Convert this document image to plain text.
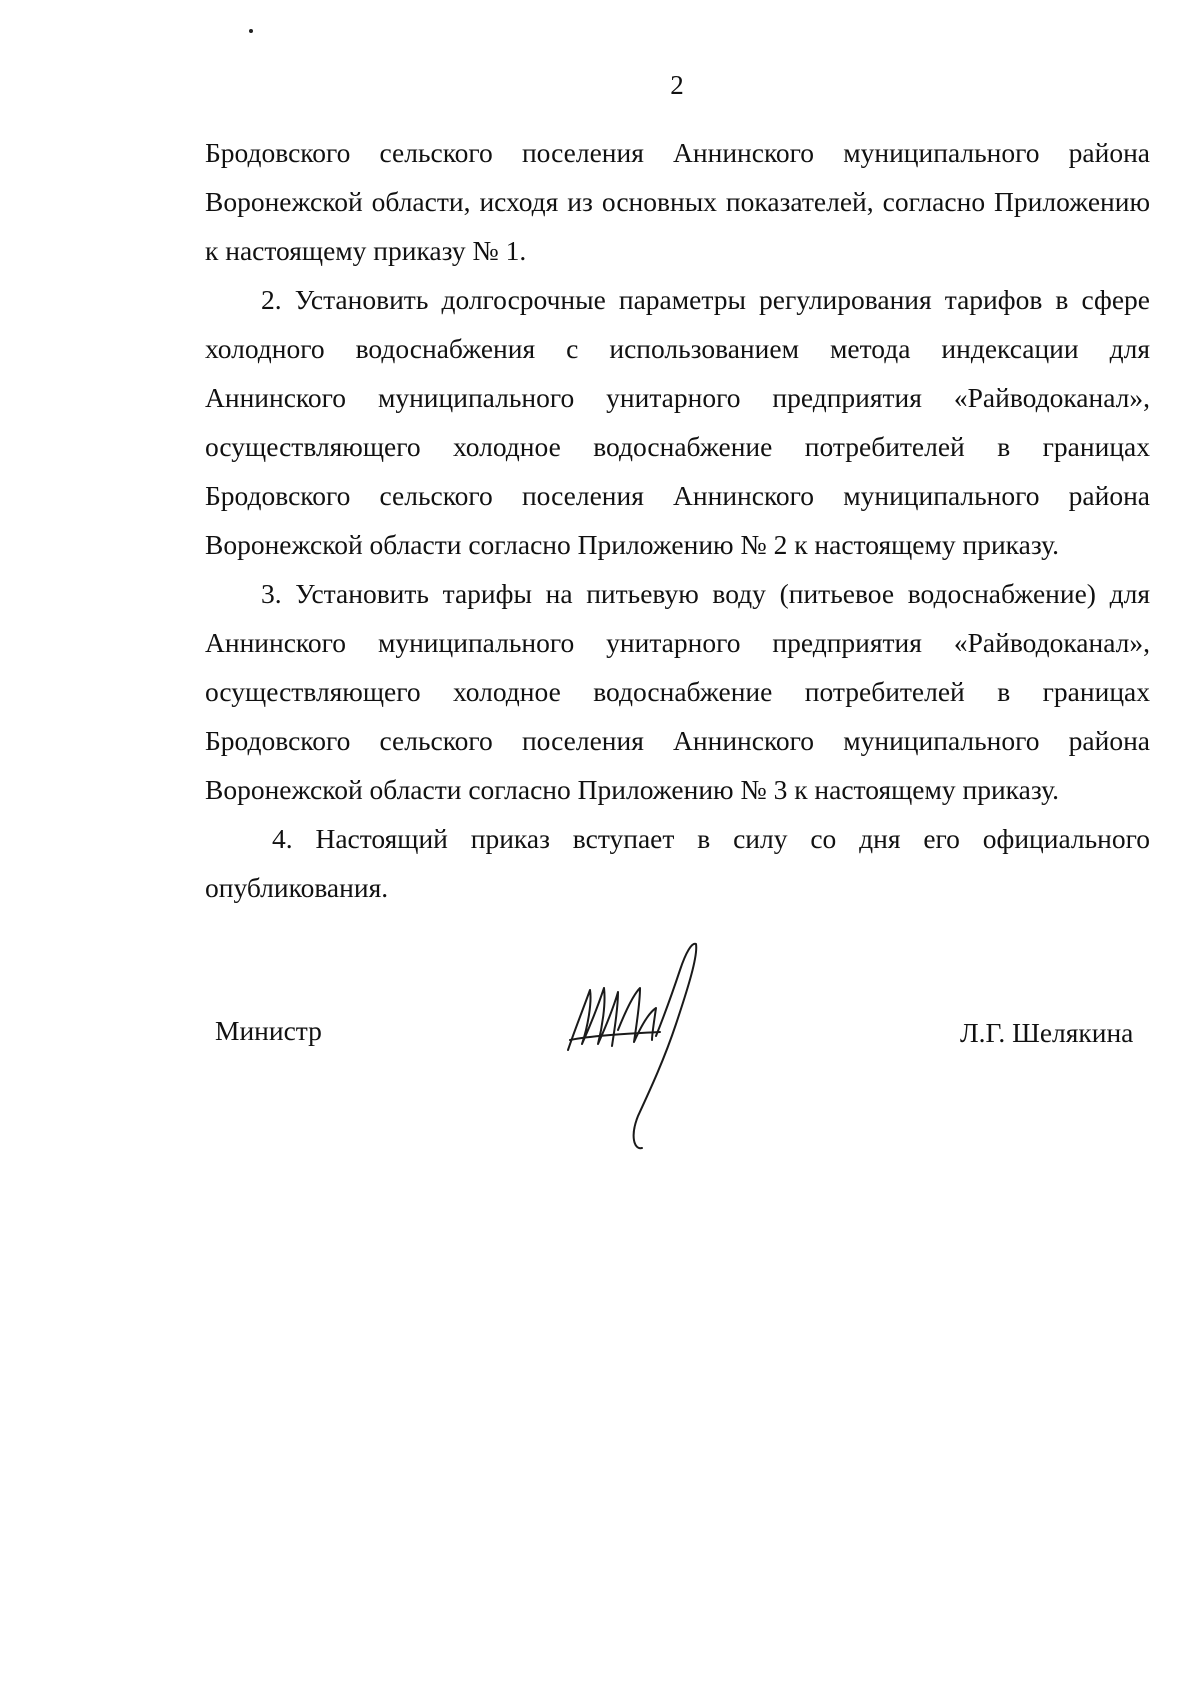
2

Бродовского сельского поселения Аннинского муниципального района Воронежской области, исходя из основных показателей, согласно Приложению к настоящему приказу № 1.

2. Установить долгосрочные параметры регулирования тарифов в сфере холодного водоснабжения с использованием метода индексации для Аннинского муниципального унитарного предприятия «Райводоканал», осуществляющего холодное водоснабжение потребителей в границах Бродовского сельского поселения Аннинского муниципального района Воронежской области согласно Приложению № 2 к настоящему приказу.

3. Установить тарифы на питьевую воду (питьевое водоснабжение) для Аннинского муниципального унитарного предприятия «Райводоканал», осуществляющего холодное водоснабжение потребителей в границах Бродовского сельского поселения Аннинского муниципального района Воронежской области согласно Приложению № 3 к настоящему приказу.

4. Настоящий приказ вступает в силу со дня его официального опубликования.

Министр	Л.Г. Шелякина
